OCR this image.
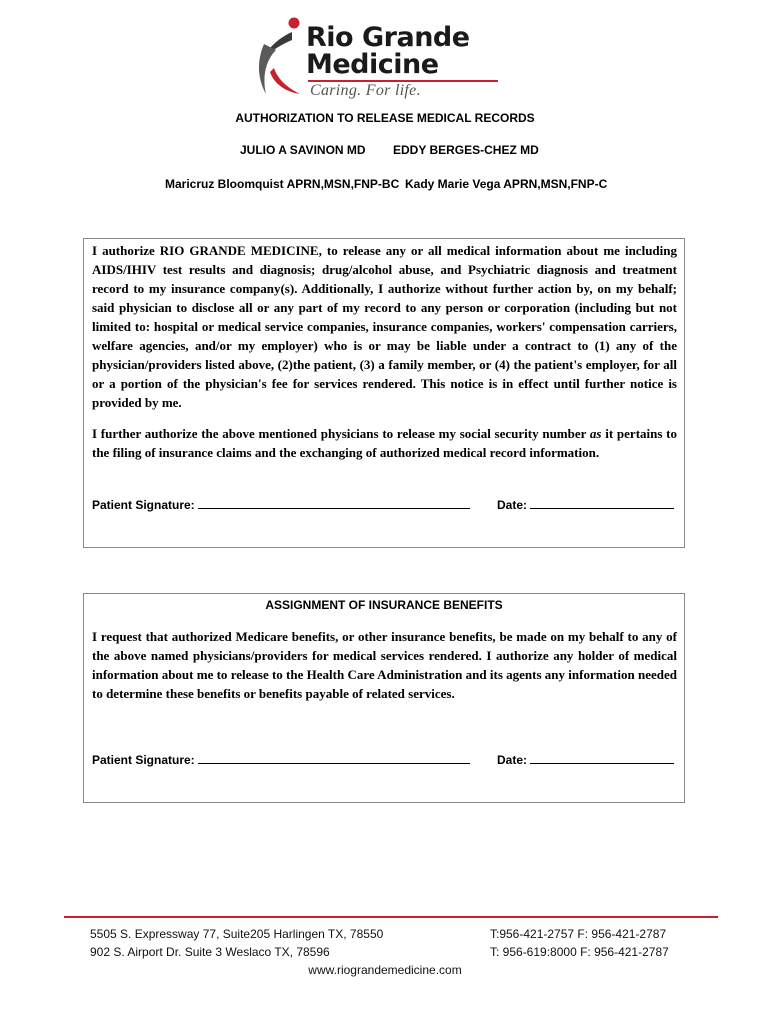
Rio Grande
Medicine
Caring. For life.
AUTHORIZATION TO RELEASE MEDICAL RECORDS
JULIO A SAVINON MD EDDY BERGES-CHEZ MD
Maricruz Bloomquist APRN,MSN,FNP-BC Kady Marie Vega APRN,MSN,FNP-C

I authorize RIO GRANDE MEDICINE, to release any or all medical information about me including AIDS/IHIV test results and diagnosis; drug/alcohol abuse, and Psychiatric diagnosis and treatment record to my insurance company(s). Additionally, I authorize without further action by, on my behalf; said physician to disclose all or any part of my record to any person or corporation (including but not limited to: hospital or medical service companies, insurance companies, workers' compensation carriers, welfare agencies, and/or my employer) who is or may be liable under a contract to (1) any of the physician/providers listed above, (2)the patient, (3) a family member, or (4) the patient's employer, for all or a portion of the physician's fee for services rendered. This notice is in effect until further notice is provided by me.

I further authorize the above mentioned physicians to release my social security number as it pertains to the filing of insurance claims and the exchanging of authorized medical record information.

Patient Signature:	Date:
ASSIGNMENT OF INSURANCE BENEFITS

I request that authorized Medicare benefits, or other insurance benefits, be made on my behalf to any of the above named physicians/providers for medical services rendered. I authorize any holder of medical information about me to release to the Health Care Administration and its agents any information needed to determine these benefits or benefits payable of related services.

Patient Signature:	Date:
5505 S. Expressway 77, Suite205 Harlingen TX, 78550
902 S. Airport Dr. Suite 3 Weslaco TX, 78596
T:956-421-2757 F: 956-421-2787
T: 956-619:8000 F: 956-421-2787
www.riograndemedicine.com
